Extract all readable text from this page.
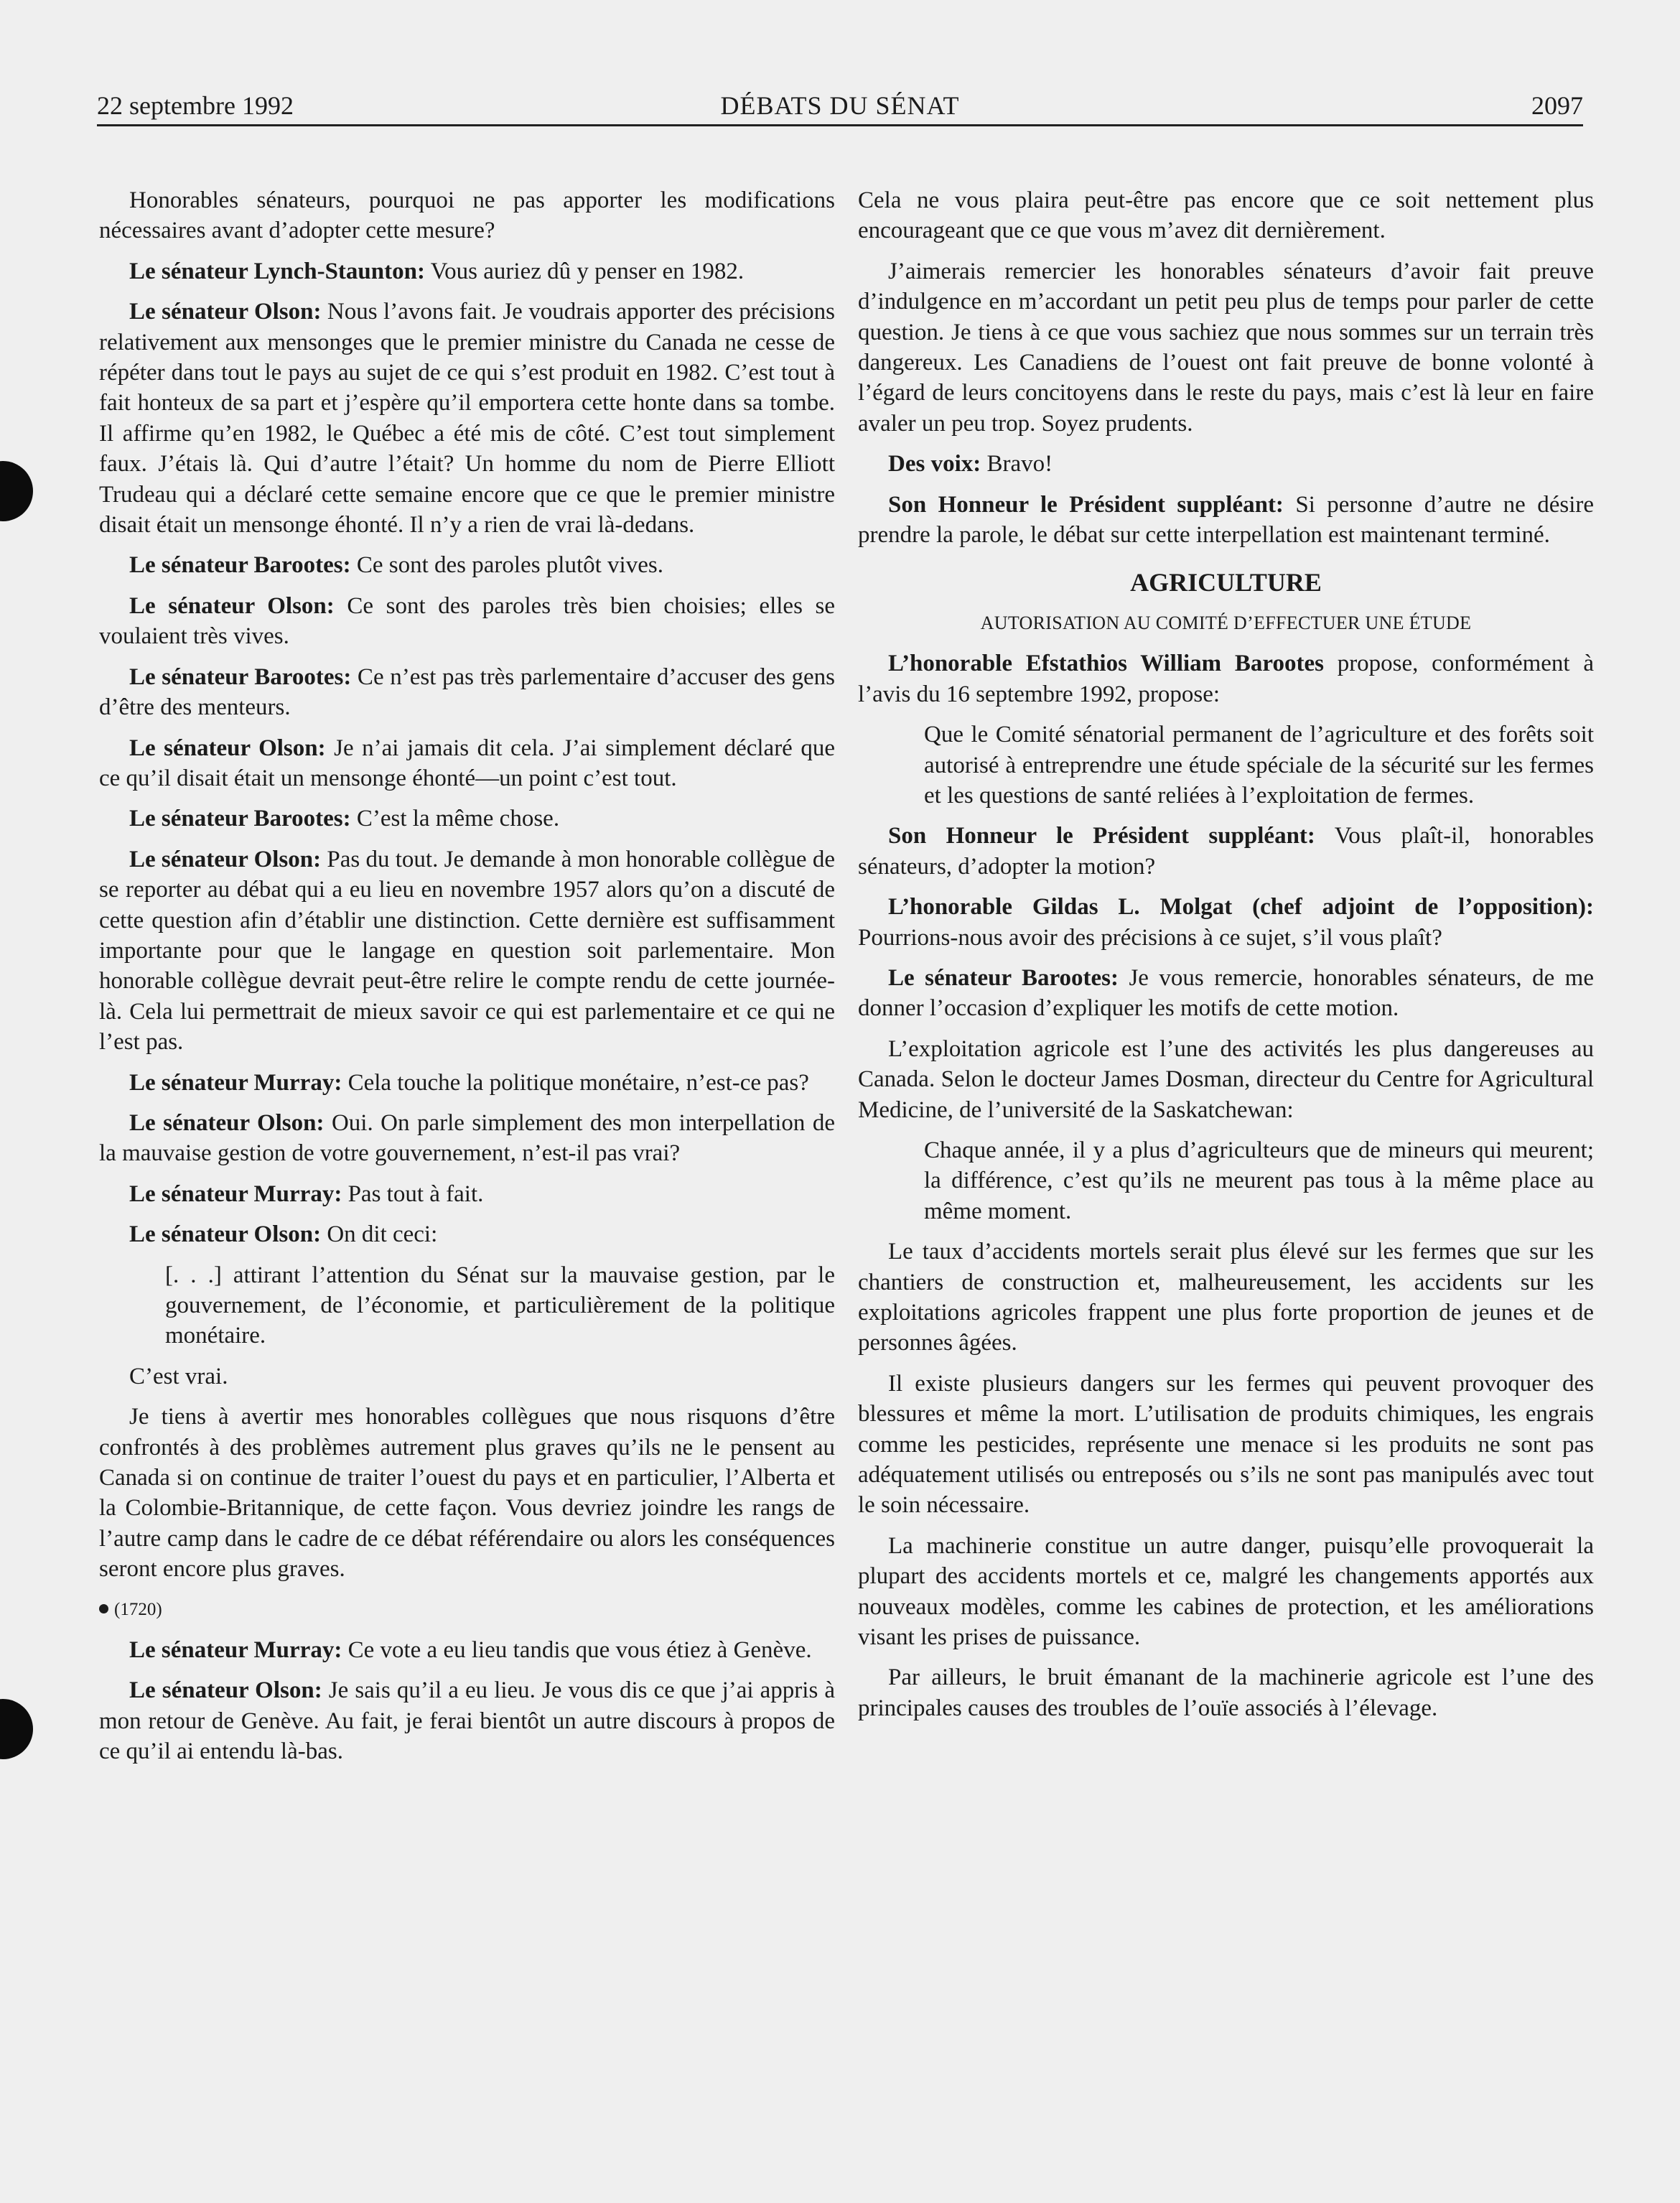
22 septembre 1992	DÉBATS DU SÉNAT	2097

Honorables sénateurs, pourquoi ne pas apporter les modifications nécessaires avant d’adopter cette mesure?

Le sénateur Lynch-Staunton: Vous auriez dû y penser en 1982.

Le sénateur Olson: Nous l’avons fait. Je voudrais apporter des précisions relativement aux mensonges que le premier ministre du Canada ne cesse de répéter dans tout le pays au sujet de ce qui s’est produit en 1982. C’est tout à fait honteux de sa part et j’espère qu’il emportera cette honte dans sa tombe. Il affirme qu’en 1982, le Québec a été mis de côté. C’est tout simplement faux. J’étais là. Qui d’autre l’était? Un homme du nom de Pierre Elliott Trudeau qui a déclaré cette semaine encore que ce que le premier ministre disait était un mensonge éhonté. Il n’y a rien de vrai là-dedans.

Le sénateur Barootes: Ce sont des paroles plutôt vives.

Le sénateur Olson: Ce sont des paroles très bien choisies; elles se voulaient très vives.

Le sénateur Barootes: Ce n’est pas très parlementaire d’accuser des gens d’être des menteurs.

Le sénateur Olson: Je n’ai jamais dit cela. J’ai simplement déclaré que ce qu’il disait était un mensonge éhonté—un point c’est tout.

Le sénateur Barootes: C’est la même chose.

Le sénateur Olson: Pas du tout. Je demande à mon honorable collègue de se reporter au débat qui a eu lieu en novembre 1957 alors qu’on a discuté de cette question afin d’établir une distinction. Cette dernière est suffisamment importante pour que le langage en question soit parlementaire. Mon honorable collègue devrait peut-être relire le compte rendu de cette journée-là. Cela lui permettrait de mieux savoir ce qui est parlementaire et ce qui ne l’est pas.

Le sénateur Murray: Cela touche la politique monétaire, n’est-ce pas?

Le sénateur Olson: Oui. On parle simplement des mon interpellation de la mauvaise gestion de votre gouvernement, n’est-il pas vrai?

Le sénateur Murray: Pas tout à fait.

Le sénateur Olson: On dit ceci:

[. . .] attirant l’attention du Sénat sur la mauvaise gestion, par le gouvernement, de l’économie, et particulièrement de la politique monétaire.

C’est vrai.

Je tiens à avertir mes honorables collègues que nous risquons d’être confrontés à des problèmes autrement plus graves qu’ils ne le pensent au Canada si on continue de traiter l’ouest du pays et en particulier, l’Alberta et la Colombie-Britannique, de cette façon. Vous devriez joindre les rangs de l’autre camp dans le cadre de ce débat référendaire ou alors les conséquences seront encore plus graves.

(1720)

Le sénateur Murray: Ce vote a eu lieu tandis que vous étiez à Genève.

Le sénateur Olson: Je sais qu’il a eu lieu. Je vous dis ce que j’ai appris à mon retour de Genève. Au fait, je ferai bientôt un autre discours à propos de ce qu’il ai entendu là-bas.

Cela ne vous plaira peut-être pas encore que ce soit nettement plus encourageant que ce que vous m’avez dit dernièrement.

J’aimerais remercier les honorables sénateurs d’avoir fait preuve d’indulgence en m’accordant un petit peu plus de temps pour parler de cette question. Je tiens à ce que vous sachiez que nous sommes sur un terrain très dangereux. Les Canadiens de l’ouest ont fait preuve de bonne volonté à l’égard de leurs concitoyens dans le reste du pays, mais c’est là leur en faire avaler un peu trop. Soyez prudents.

Des voix: Bravo!

Son Honneur le Président suppléant: Si personne d’autre ne désire prendre la parole, le débat sur cette interpellation est maintenant terminé.

AGRICULTURE
AUTORISATION AU COMITÉ D’EFFECTUER UNE ÉTUDE

L’honorable Efstathios William Barootes propose, conformément à l’avis du 16 septembre 1992, propose:

Que le Comité sénatorial permanent de l’agriculture et des forêts soit autorisé à entreprendre une étude spéciale de la sécurité sur les fermes et les questions de santé reliées à l’exploitation de fermes.

Son Honneur le Président suppléant: Vous plaît-il, honorables sénateurs, d’adopter la motion?

L’honorable Gildas L. Molgat (chef adjoint de l’opposition): Pourrions-nous avoir des précisions à ce sujet, s’il vous plaît?

Le sénateur Barootes: Je vous remercie, honorables sénateurs, de me donner l’occasion d’expliquer les motifs de cette motion.

L’exploitation agricole est l’une des activités les plus dangereuses au Canada. Selon le docteur James Dosman, directeur du Centre for Agricultural Medicine, de l’université de la Saskatchewan:

Chaque année, il y a plus d’agriculteurs que de mineurs qui meurent; la différence, c’est qu’ils ne meurent pas tous à la même place au même moment.

Le taux d’accidents mortels serait plus élevé sur les fermes que sur les chantiers de construction et, malheureusement, les accidents sur les exploitations agricoles frappent une plus forte proportion de jeunes et de personnes âgées.

Il existe plusieurs dangers sur les fermes qui peuvent provoquer des blessures et même la mort. L’utilisation de produits chimiques, les engrais comme les pesticides, représente une menace si les produits ne sont pas adéquatement utilisés ou entreposés ou s’ils ne sont pas manipulés avec tout le soin nécessaire.

La machinerie constitue un autre danger, puisqu’elle provoquerait la plupart des accidents mortels et ce, malgré les changements apportés aux nouveaux modèles, comme les cabines de protection, et les améliorations visant les prises de puissance.

Par ailleurs, le bruit émanant de la machinerie agricole est l’une des principales causes des troubles de l’ouïe associés à l’élevage.
